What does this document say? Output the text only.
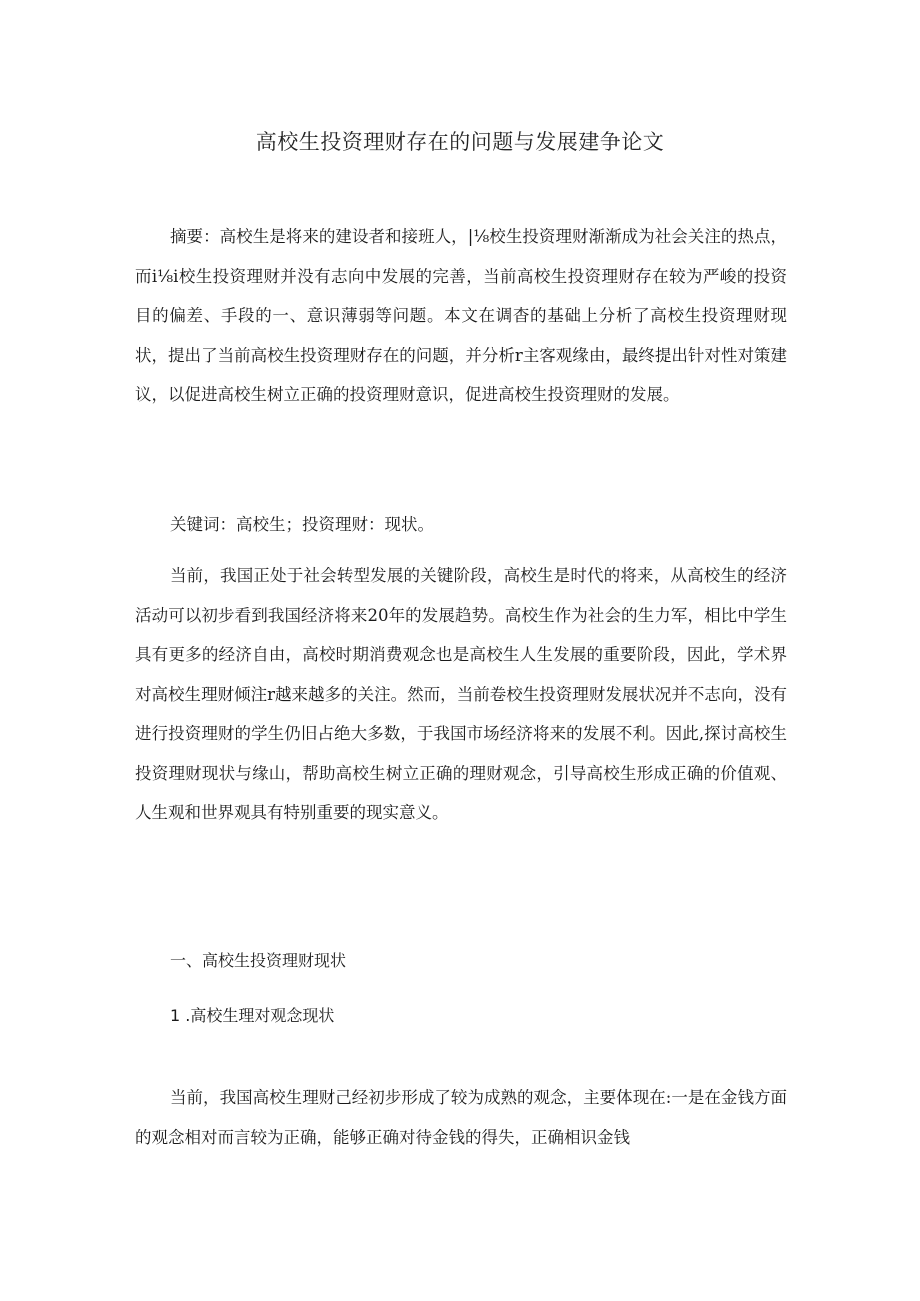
高校生投资理财存在的问题与发展建争论文

摘要：高校生是将来的建设者和接班人，|⅛校生投资理财渐渐成为社会关注的热点，而i⅛i校生投资理财并没有志向中发展的完善，当前高校生投资理财存在较为严峻的投资目的偏差、手段的一、意识薄弱等问题。本文在调杳的基础上分析了高校生投资理财现状，提出了当前高校生投资理财存在的问题，并分析r主客观缘由，最终提出针对性对策建议，以促进高校生树立正确的投资理财意识，促进高校生投资理财的发展。

关键词：高校生；投资理财：现状。

当前，我国正处于社会转型发展的关键阶段，高校生是时代的将来，从高校生的经济活动可以初步看到我国经济将来20年的发展趋势。高校生作为社会的生力军，相比中学生具有更多的经济自由，高校时期消费观念也是高校生人生发展的重要阶段，因此，学术界对高校生理财倾注r越来越多的关注。然而，当前卷校生投资理财发展状况并不志向，没有进行投资理财的学生仍旧占绝大多数，于我国市场经济将来的发展不利。因此,探讨高校生投资理财现状与缘山，帮助高校生树立正确的理财观念，引导高校生形成正确的价值观、人生观和世界观具有特别重要的现实意义。

一、高校生投资理财现状

1 .高校生理对观念现状

当前，我国高校生理财己经初步形成了较为成熟的观念，主要体现在:一是在金钱方面的观念相对而言较为正确，能够正确对待金钱的得失，正确相识金钱
